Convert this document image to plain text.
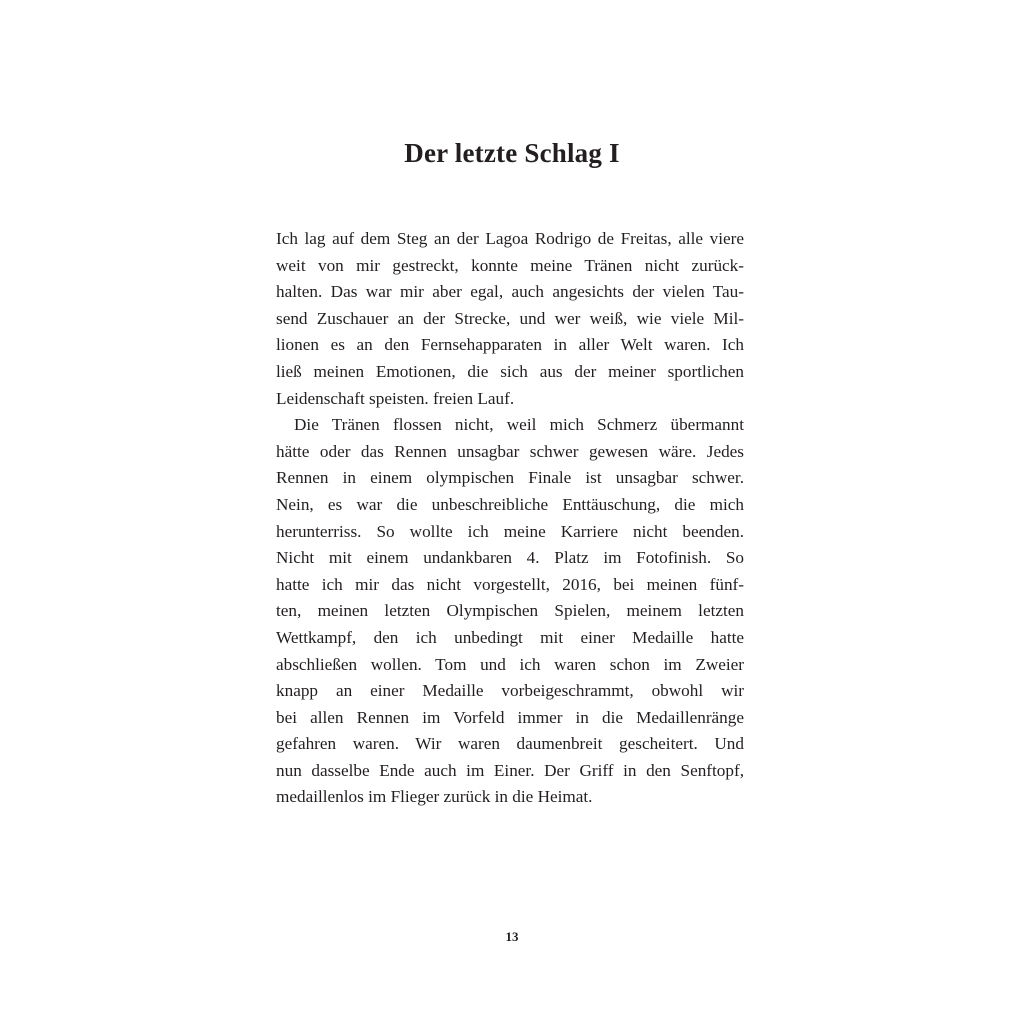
Der letzte Schlag I
Ich lag auf dem Steg an der Lagoa Rodrigo de Freitas, alle viere
weit von mir gestreckt, konnte meine Tränen nicht zurück-
halten. Das war mir aber egal, auch angesichts der vielen Tau-
send Zuschauer an der Strecke, und wer weiß, wie viele Mil-
lionen es an den Fernsehapparaten in aller Welt waren. Ich
ließ meinen Emotionen, die sich aus der meiner sportlichen
Leidenschaft speisten. freien Lauf.
Die Tränen flossen nicht, weil mich Schmerz übermannt
hätte oder das Rennen unsagbar schwer gewesen wäre. Jedes
Rennen in einem olympischen Finale ist unsagbar schwer.
Nein, es war die unbeschreibliche Enttäuschung, die mich
herunterriss. So wollte ich meine Karriere nicht beenden.
Nicht mit einem undankbaren 4. Platz im Fotofinish. So
hatte ich mir das nicht vorgestellt, 2016, bei meinen fünf-
ten, meinen letzten Olympischen Spielen, meinem letzten
Wettkampf, den ich unbedingt mit einer Medaille hatte
abschließen wollen. Tom und ich waren schon im Zweier
knapp an einer Medaille vorbeigeschrammt, obwohl wir
bei allen Rennen im Vorfeld immer in die Medaillenränge
gefahren waren. Wir waren daumenbreit gescheitert. Und
nun dasselbe Ende auch im Einer. Der Griff in den Senftopf,
medaillenlos im Flieger zurück in die Heimat.
13
